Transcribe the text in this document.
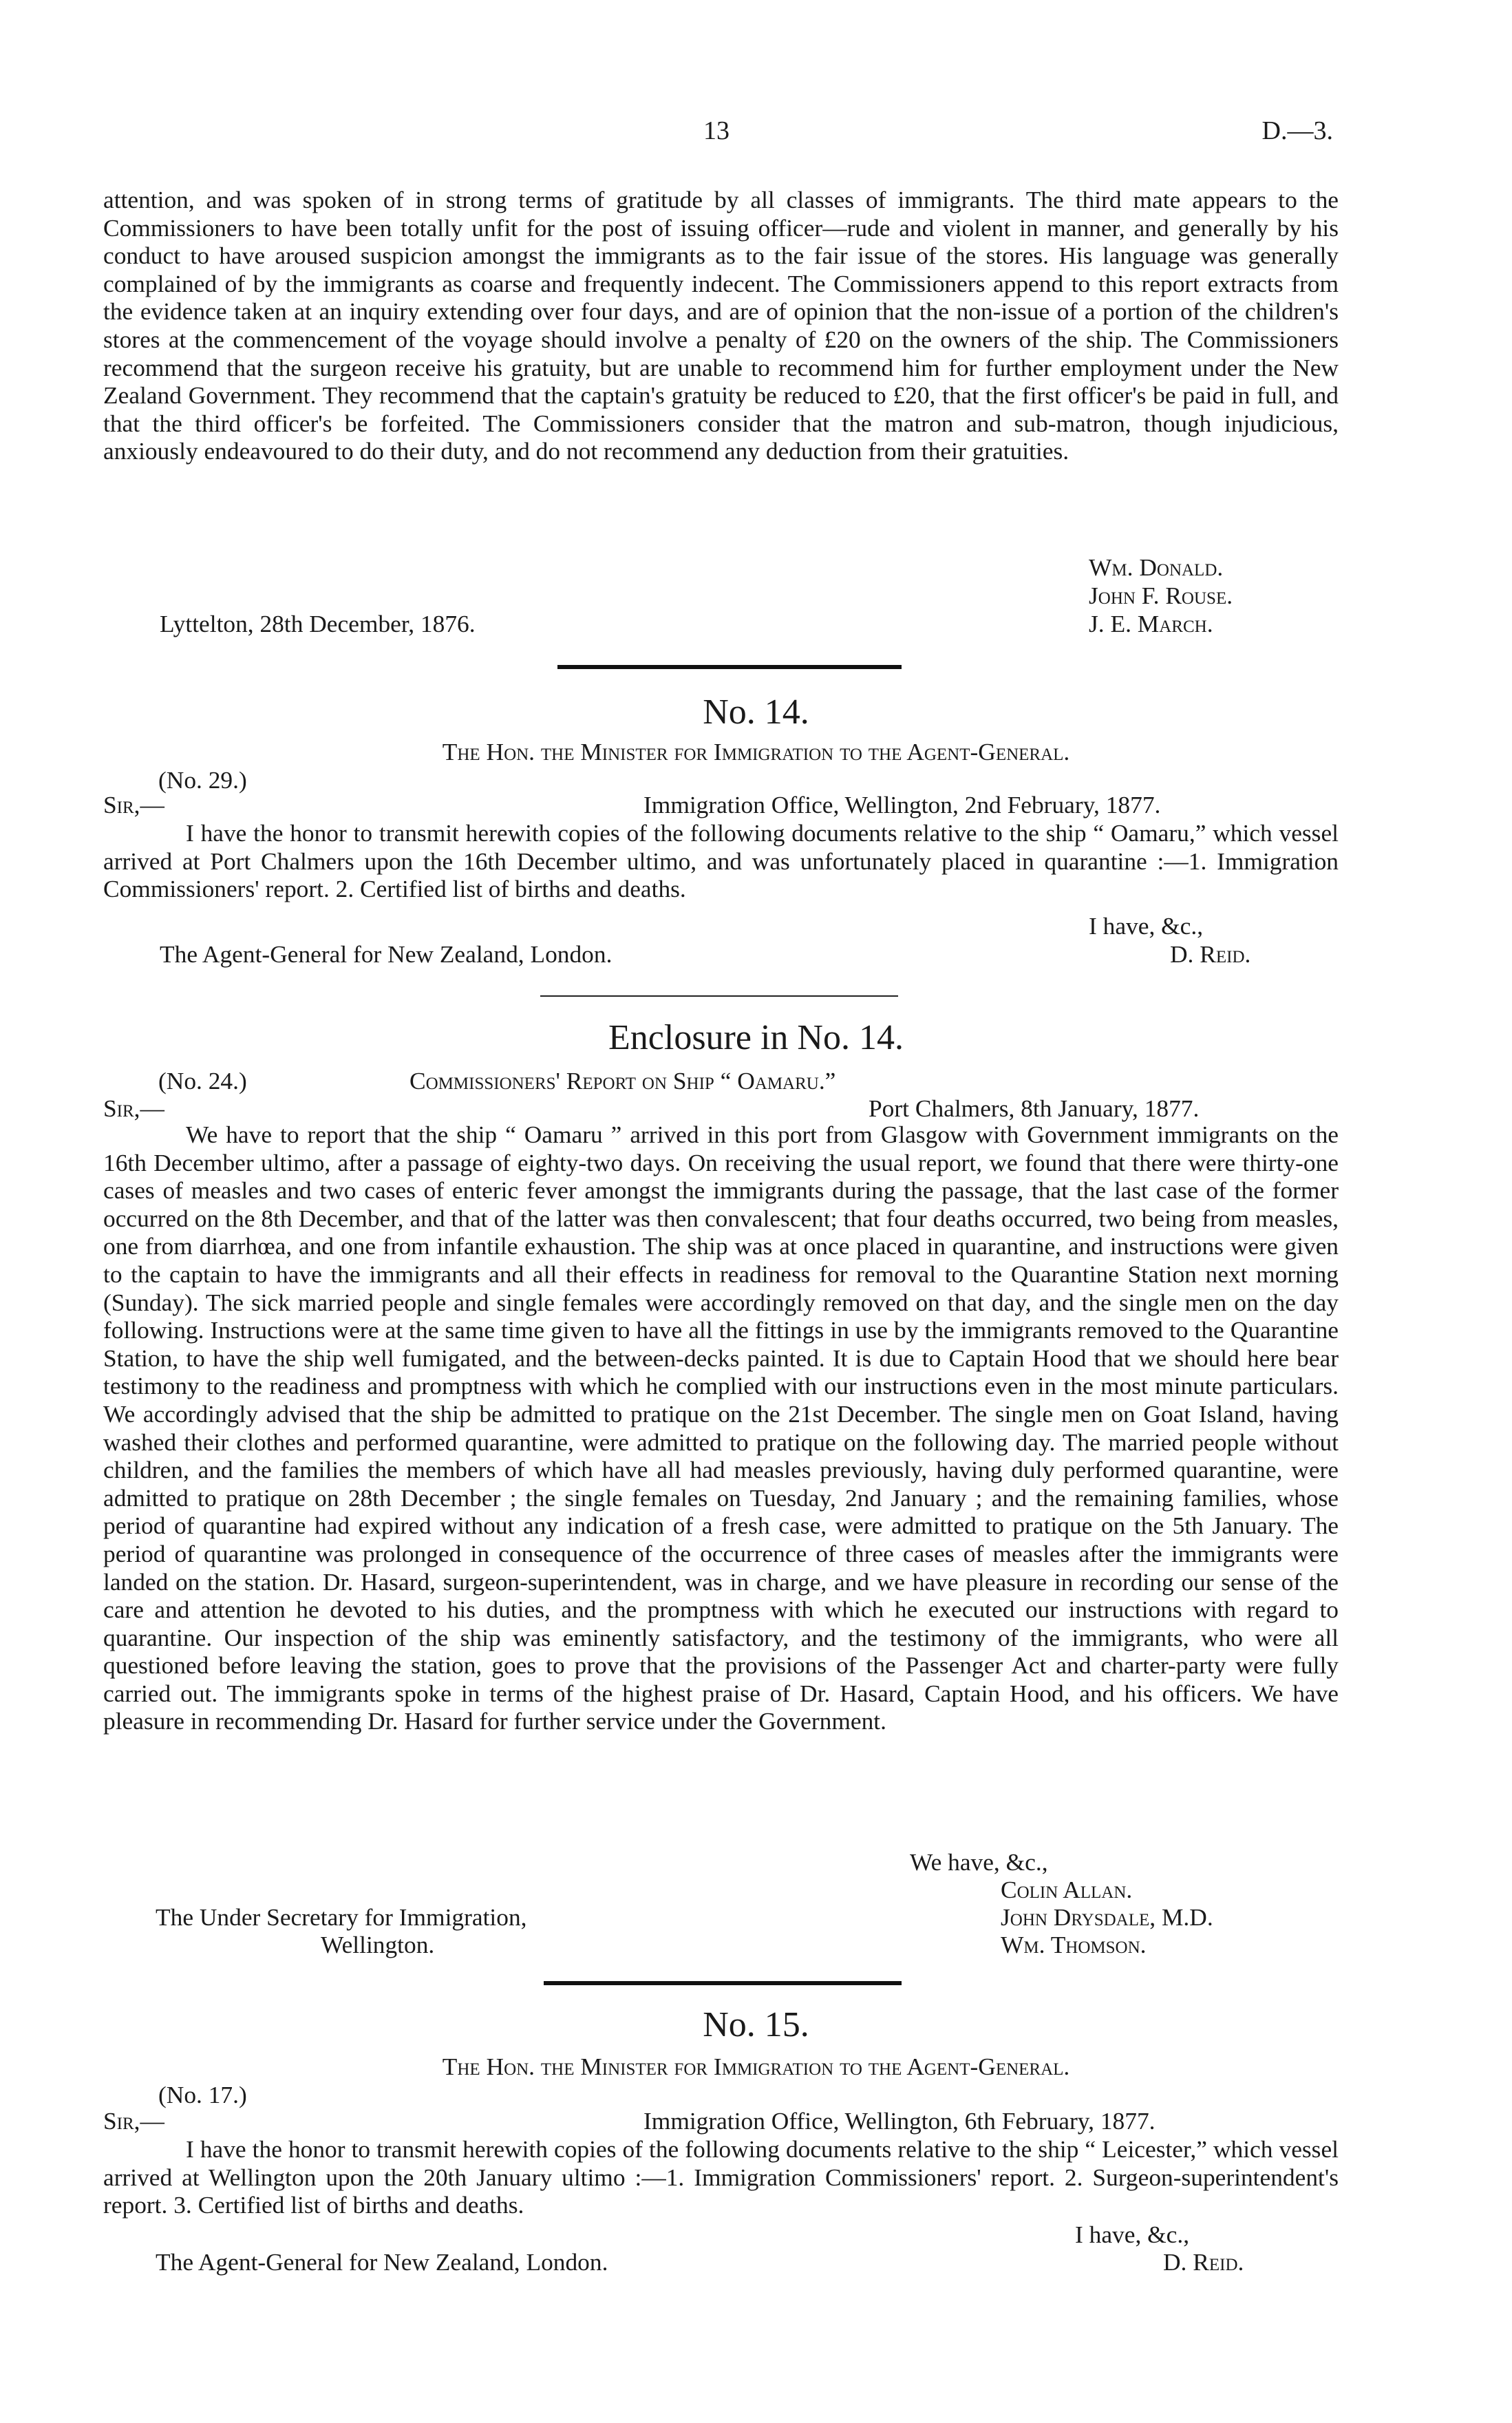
13	D.—3.

attention, and was spoken of in strong terms of gratitude by all classes of immigrants. The third mate appears to the Commissioners to have been totally unfit for the post of issuing officer—rude and violent in manner, and generally by his conduct to have aroused suspicion amongst the immigrants as to the fair issue of the stores. His language was generally complained of by the immigrants as coarse and frequently indecent. The Commissioners append to this report extracts from the evidence taken at an inquiry extending over four days, and are of opinion that the non-issue of a portion of the children's stores at the commencement of the voyage should involve a penalty of £20 on the owners of the ship. The Commissioners recommend that the surgeon receive his gratuity, but are unable to recommend him for further employment under the New Zealand Government. They recommend that the captain's gratuity be reduced to £20, that the first officer's be paid in full, and that the third officer's be forfeited. The Commissioners consider that the matron and sub-matron, though injudicious, anxiously endeavoured to do their duty, and do not recommend any deduction from their gratuities.

Wm. Donald.
John F. Rouse.
J. E. March.
Lyttelton, 28th December, 1876.
No. 14.
The Hon. the Minister for Immigration to the Agent-General.
(No. 29.)
Sir,—	Immigration Office, Wellington, 2nd February, 1877.

I have the honor to transmit herewith copies of the following documents relative to the ship “ Oamaru,” which vessel arrived at Port Chalmers upon the 16th December ultimo, and was unfortunately placed in quarantine :—1. Immigration Commissioners' report. 2. Certified list of births and deaths.

I have, &c.,
The Agent-General for New Zealand, London.	D. Reid.
Enclosure in No. 14.
(No. 24.)	Commissioners' Report on Ship “ Oamaru.”
Sir,—	Port Chalmers, 8th January, 1877.

We have to report that the ship “ Oamaru ” arrived in this port from Glasgow with Government immigrants on the 16th December ultimo, after a passage of eighty-two days. On receiving the usual report, we found that there were thirty-one cases of measles and two cases of enteric fever amongst the immigrants during the passage, that the last case of the former occurred on the 8th December, and that of the latter was then convalescent; that four deaths occurred, two being from measles, one from diarrhœa, and one from infantile exhaustion. The ship was at once placed in quarantine, and instructions were given to the captain to have the immigrants and all their effects in readiness for removal to the Quarantine Station next morning (Sunday). The sick married people and single females were accordingly removed on that day, and the single men on the day following. Instructions were at the same time given to have all the fittings in use by the immigrants removed to the Quarantine Station, to have the ship well fumigated, and the between-decks painted. It is due to Captain Hood that we should here bear testimony to the readiness and promptness with which he complied with our instructions even in the most minute particulars. We accordingly advised that the ship be admitted to pratique on the 21st December. The single men on Goat Island, having washed their clothes and performed quarantine, were admitted to pratique on the following day. The married people without children, and the families the members of which have all had measles previously, having duly performed quarantine, were admitted to pratique on 28th December ; the single females on Tuesday, 2nd January ; and the remaining families, whose period of quarantine had expired without any indication of a fresh case, were admitted to pratique on the 5th January. The period of quarantine was prolonged in consequence of the occurrence of three cases of measles after the immigrants were landed on the station. Dr. Hasard, surgeon-superintendent, was in charge, and we have pleasure in recording our sense of the care and attention he devoted to his duties, and the promptness with which he executed our instructions with regard to quarantine. Our inspection of the ship was eminently satisfactory, and the testimony of the immigrants, who were all questioned before leaving the station, goes to prove that the provisions of the Passenger Act and charter-party were fully carried out. The immigrants spoke in terms of the highest praise of Dr. Hasard, Captain Hood, and his officers. We have pleasure in recommending Dr. Hasard for further service under the Government.

We have, &c.,
Colin Allan.
John Drysdale, M.D.
Wm. Thomson.
The Under Secretary for Immigration,
Wellington.
No. 15.
The Hon. the Minister for Immigration to the Agent-General.
(No. 17.)
Sir,—	Immigration Office, Wellington, 6th February, 1877.

I have the honor to transmit herewith copies of the following documents relative to the ship “ Leicester,” which vessel arrived at Wellington upon the 20th January ultimo :—1. Immigration Commissioners' report. 2. Surgeon-superintendent's report. 3. Certified list of births and deaths.

I have, &c.,
The Agent-General for New Zealand, London.	D. Reid.
